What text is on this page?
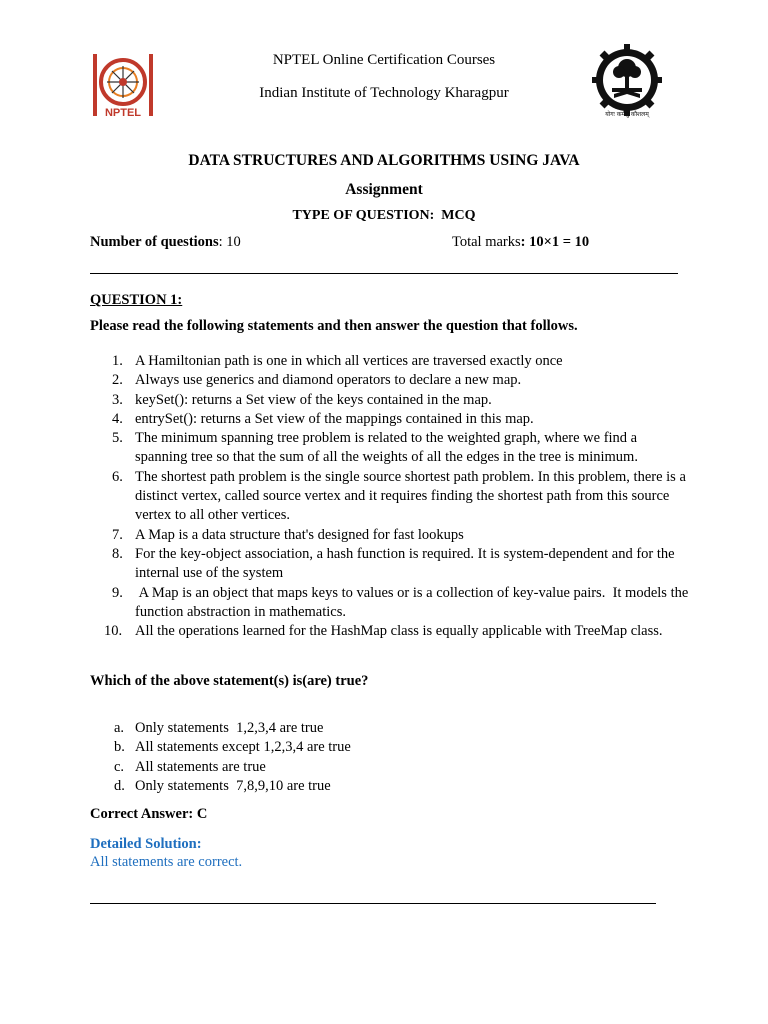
NPTEL
NPTEL Online Certification Courses
Indian Institute of Technology Kharagpur
योगः कर्मसु कौशलम्
DATA STRUCTURES AND ALGORITHMS USING JAVA
Assignment
TYPE OF QUESTION:  MCQ
Number of questions: 10	Total marks: 10×1 = 10
QUESTION 1:
Please read the following statements and then answer the question that follows.
1. A Hamiltonian path is one in which all vertices are traversed exactly once
2. Always use generics and diamond operators to declare a new map.
3. keySet(): returns a Set view of the keys contained in the map.
4. entrySet(): returns a Set view of the mappings contained in this map.
5. The minimum spanning tree problem is related to the weighted graph, where we find a spanning tree so that the sum of all the weights of all the edges in the tree is minimum.
6. The shortest path problem is the single source shortest path problem. In this problem, there is a distinct vertex, called source vertex and it requires finding the shortest path from this source vertex to all other vertices.
7. A Map is a data structure that's designed for fast lookups
8. For the key-object association, a hash function is required. It is system-dependent and for the internal use of the system
9. A Map is an object that maps keys to values or is a collection of key-value pairs.  It models the function abstraction in mathematics.
10. All the operations learned for the HashMap class is equally applicable with TreeMap class.
Which of the above statement(s) is(are) true?
a. Only statements  1,2,3,4 are true
b. All statements except 1,2,3,4 are true
c. All statements are true
d. Only statements  7,8,9,10 are true
Correct Answer: C
Detailed Solution:
All statements are correct.
